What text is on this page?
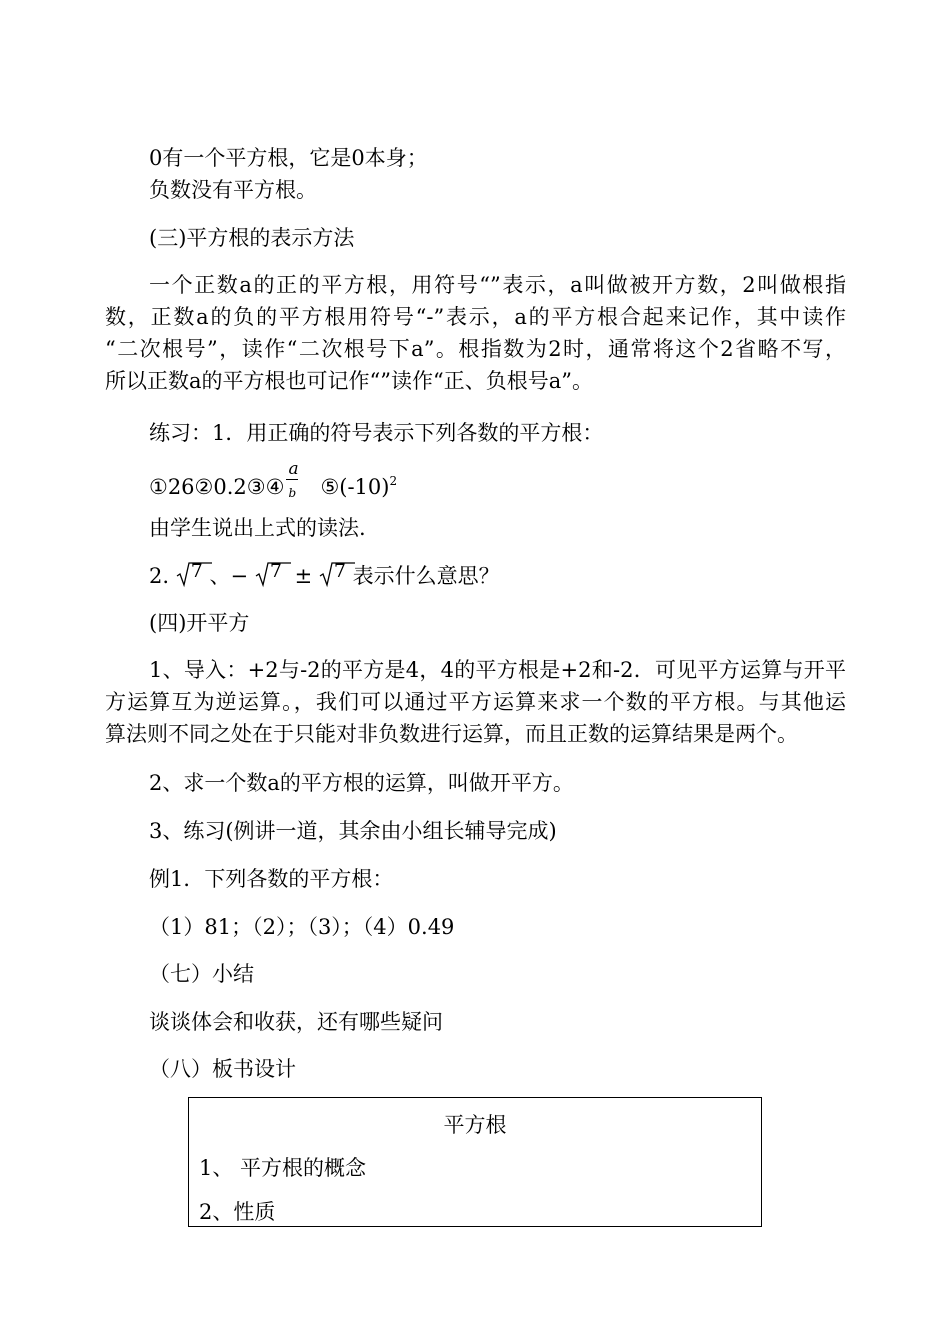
0有一个平方根，它是0本身；
负数没有平方根。
(三)平方根的表示方法
一个正数a的正的平方根，用符号“”表示，a叫做被开方数，2叫做根指
数，正数a的负的平方根用符号“-”表示，a的平方根合起来记作，其中读作
“二次根号”，读作“二次根号下a”。根指数为2时，通常将这个2省略不写，
所以正数a的平方根也可记作“”读作“正、负根号a”。
练习：1．用正确的符号表示下列各数的平方根：
①26②0.2③④ $\frac{a}{b}$ $⑤(-10)^2$
由学生说出上式的读法.
2. 7 、− 7 ± 7 表示什么意思？
(四)开平方
1、导入：+2与-2的平方是4，4的平方根是+2和-2．可见平方运算与开平
方运算互为逆运算。，我们可以通过平方运算来求一个数的平方根。与其他运
算法则不同之处在于只能对非负数进行运算，而且正数的运算结果是两个。
2、求一个数a的平方根的运算，叫做开平方。
3、练习(例讲一道，其余由小组长辅导完成)
例1．下列各数的平方根：
（1）81；（2）；（3）；（4）0.49
（七）小结
谈谈体会和收获，还有哪些疑问
（八）板书设计
平方根
1、 平方根的概念
2、性质
